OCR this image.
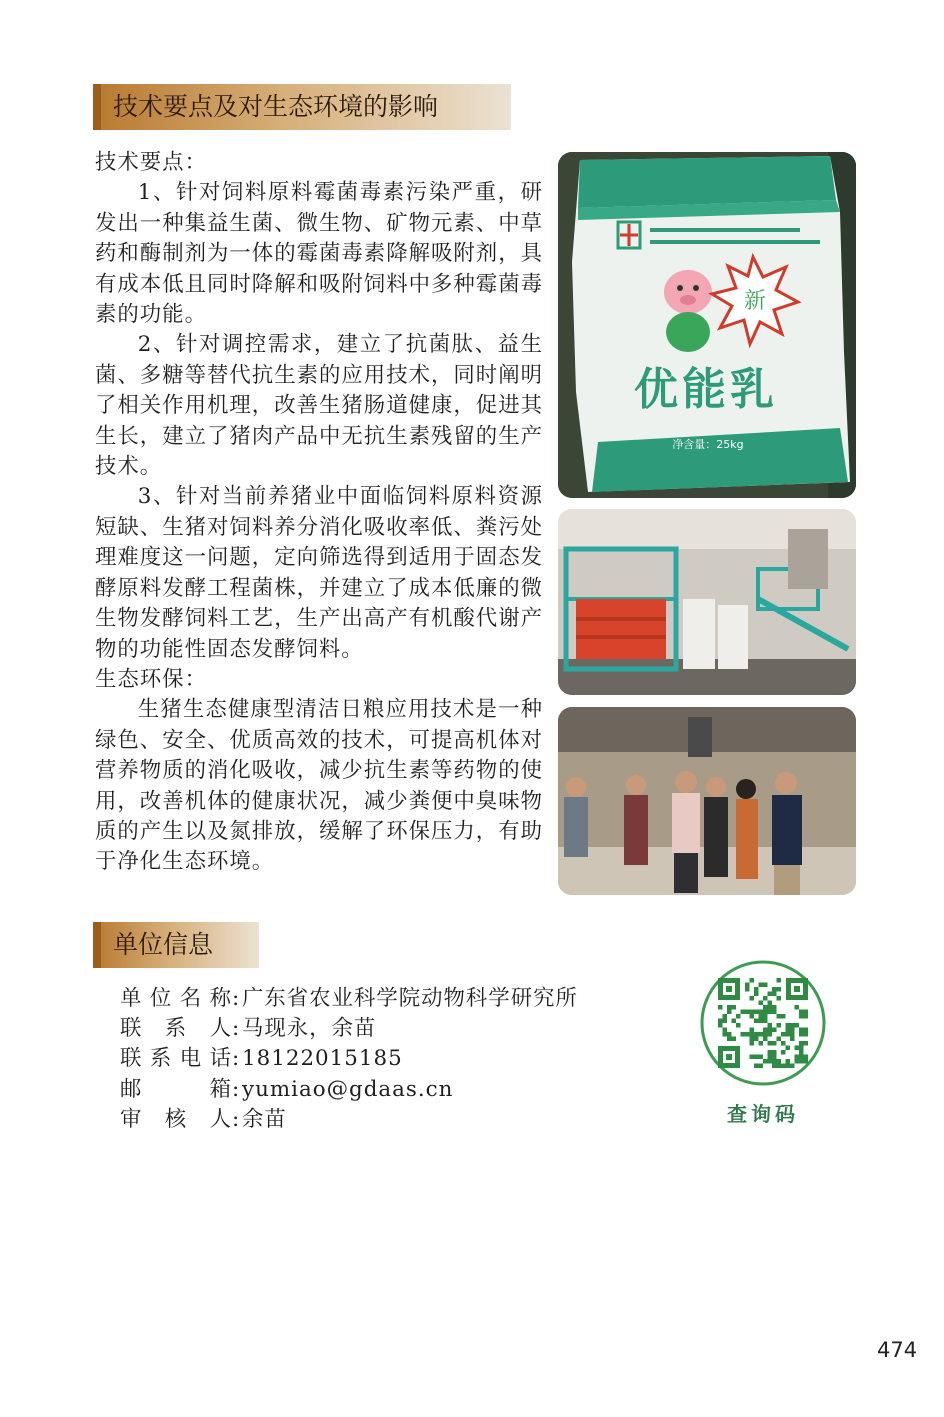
技术要点及对生态环境的影响

技术要点：

1、针对饲料原料霉菌毒素污染严重，研发出一种集益生菌、微生物、矿物元素、中草药和酶制剂为一体的霉菌毒素降解吸附剂，具有成本低且同时降解和吸附饲料中多种霉菌毒素的功能。

2、针对调控需求，建立了抗菌肽、益生菌、多糖等替代抗生素的应用技术，同时阐明了相关作用机理，改善生猪肠道健康，促进其生长，建立了猪肉产品中无抗生素残留的生产技术。

3、针对当前养猪业中面临饲料原料资源短缺、生猪对饲料养分消化吸收率低、粪污处理难度这一问题，定向筛选得到适用于固态发酵原料发酵工程菌株，并建立了成本低廉的微生物发酵饲料工艺，生产出高产有机酸代谢产物的功能性固态发酵饲料。

生态环保：

生猪生态健康型清洁日粮应用技术是一种绿色、安全、优质高效的技术，可提高机体对营养物质的消化吸收，减少抗生素等药物的使用，改善机体的健康状况，减少粪便中臭味物质的产生以及氮排放，缓解了环保压力，有助于净化生态环境。

新
优能乳
净含量：25kg
单位信息
单 位 名 称 : 广东省农业科学院动物科学研究所
联 系 人 : 马现永，余苗
联 系 电 话 : 18122015185
邮	箱 : yumiao@gdaas.cn
审 核 人 : 余苗	查询码
474
